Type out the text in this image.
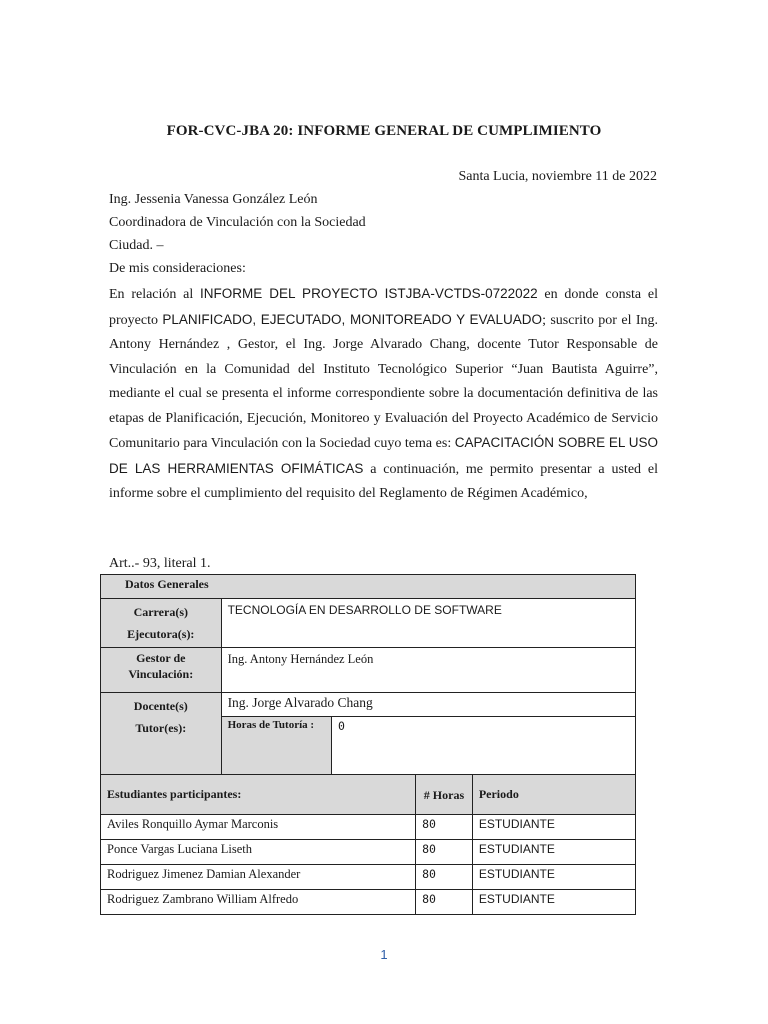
FOR-CVC-JBA 20: INFORME GENERAL DE CUMPLIMIENTO
Santa Lucia, noviembre 11 de 2022
Ing. Jessenia Vanessa González León
Coordinadora de Vinculación con la Sociedad
Ciudad. –
De mis consideraciones:
En relación al INFORME DEL PROYECTO ISTJBA-VCTDS-0722022 en donde consta el proyecto PLANIFICADO, EJECUTADO, MONITOREADO Y EVALUADO; suscrito por el Ing. Antony Hernández , Gestor, el Ing. Jorge Alvarado Chang, docente Tutor Responsable de Vinculación en la Comunidad del Instituto Tecnológico Superior “Juan Bautista Aguirre”, mediante el cual se presenta el informe correspondiente sobre la documentación definitiva de las etapas de Planificación, Ejecución, Monitoreo y Evaluación del Proyecto Académico de Servicio Comunitario para Vinculación con la Sociedad cuyo tema es: CAPACITACIÓN SOBRE EL USO DE LAS HERRAMIENTAS OFIMÁTICAS a continuación, me permito presentar a usted el informe sobre el cumplimiento del requisito del Reglamento de Régimen Académico,
Art..- 93, literal 1.
Datos Generales				
Carrera(s) Ejecutora(s):	TECNOLOGÍA EN DESARROLLO DE SOFTWARE			
Gestor de Vinculación:	Ing. Antony Hernández León			
Docente(s) Tutor(es):	Ing. Jorge Alvarado Chang			
	Horas de Tutoría :	0		
Estudiantes participantes:			# Horas	Periodo
Aviles Ronquillo Aymar Marconis			80	ESTUDIANTE
Ponce Vargas Luciana Liseth			80	ESTUDIANTE
Rodriguez Jimenez Damian Alexander			80	ESTUDIANTE
Rodriguez Zambrano William Alfredo			80	ESTUDIANTE
1
